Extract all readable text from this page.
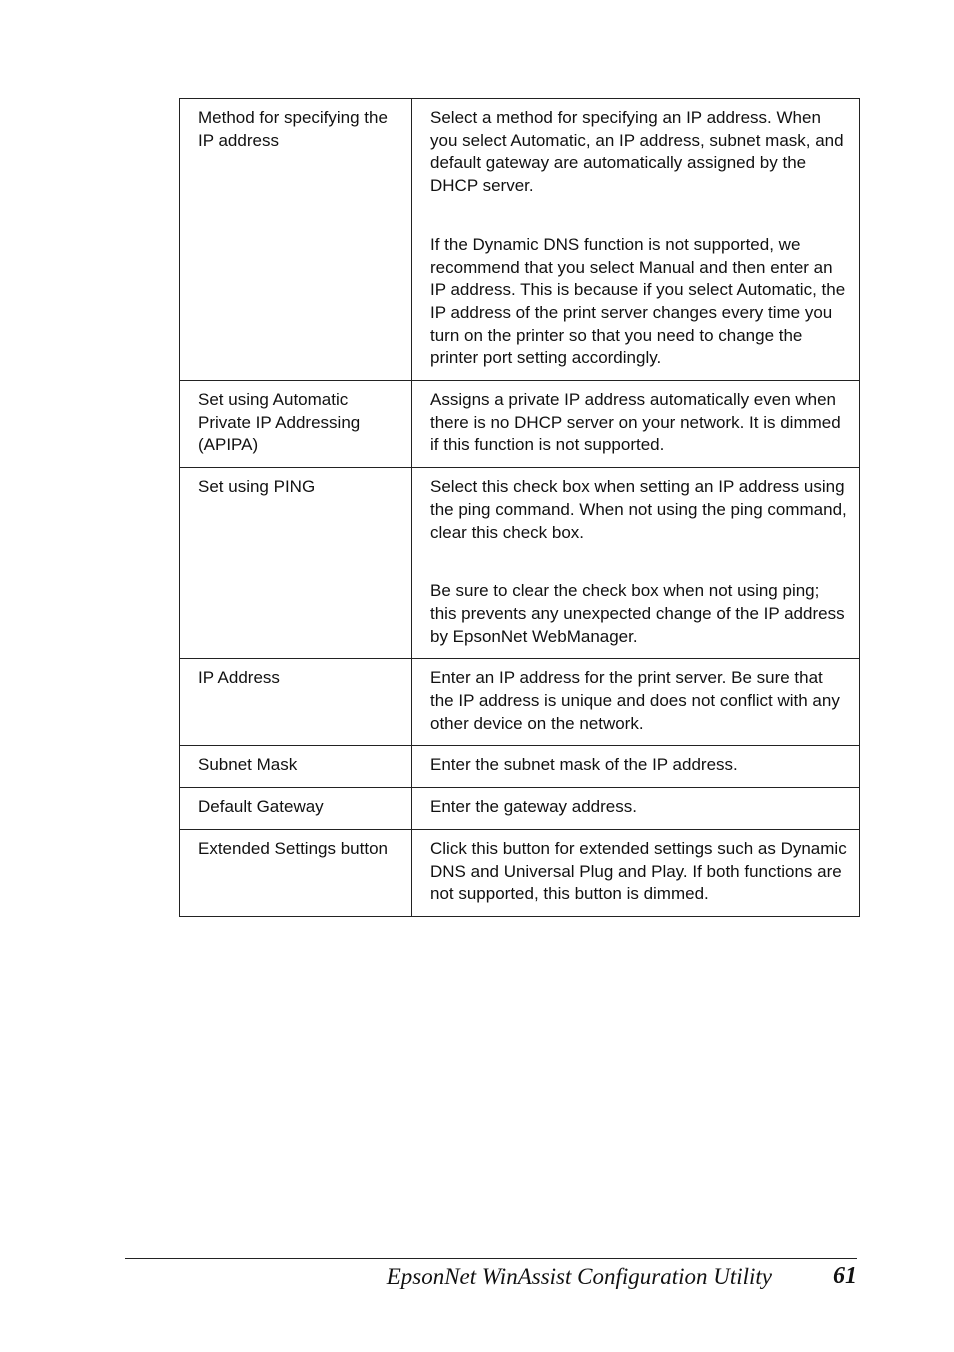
Method for specifying the IP address	Select a method for specifying an IP address. When you select Automatic, an IP address, subnet mask, and default gateway are automatically assigned by the DHCP server.

If the Dynamic DNS function is not supported, we recommend that you select Manual and then enter an IP address. This is because if you select Automatic, the IP address of the print server changes every time you turn on the printer so that you need to change the printer port setting accordingly.

Set using Automatic Private IP Addressing (APIPA)	Assigns a private IP address automatically even when there is no DHCP server on your network. It is dimmed if this function is not supported.

Set using PING	Select this check box when setting an IP address using the ping command. When not using the ping command, clear this check box.

Be sure to clear the check box when not using ping; this prevents any unexpected change of the IP address by EpsonNet WebManager.

IP Address	Enter an IP address for the print server. Be sure that the IP address is unique and does not conflict with any other device on the network.

Subnet Mask	Enter the subnet mask of the IP address.

Default Gateway	Enter the gateway address.

Extended Settings button	Click this button for extended settings such as Dynamic DNS and Universal Plug and Play. If both functions are not supported, this button is dimmed.

EpsonNet WinAssist Configuration Utility	61
